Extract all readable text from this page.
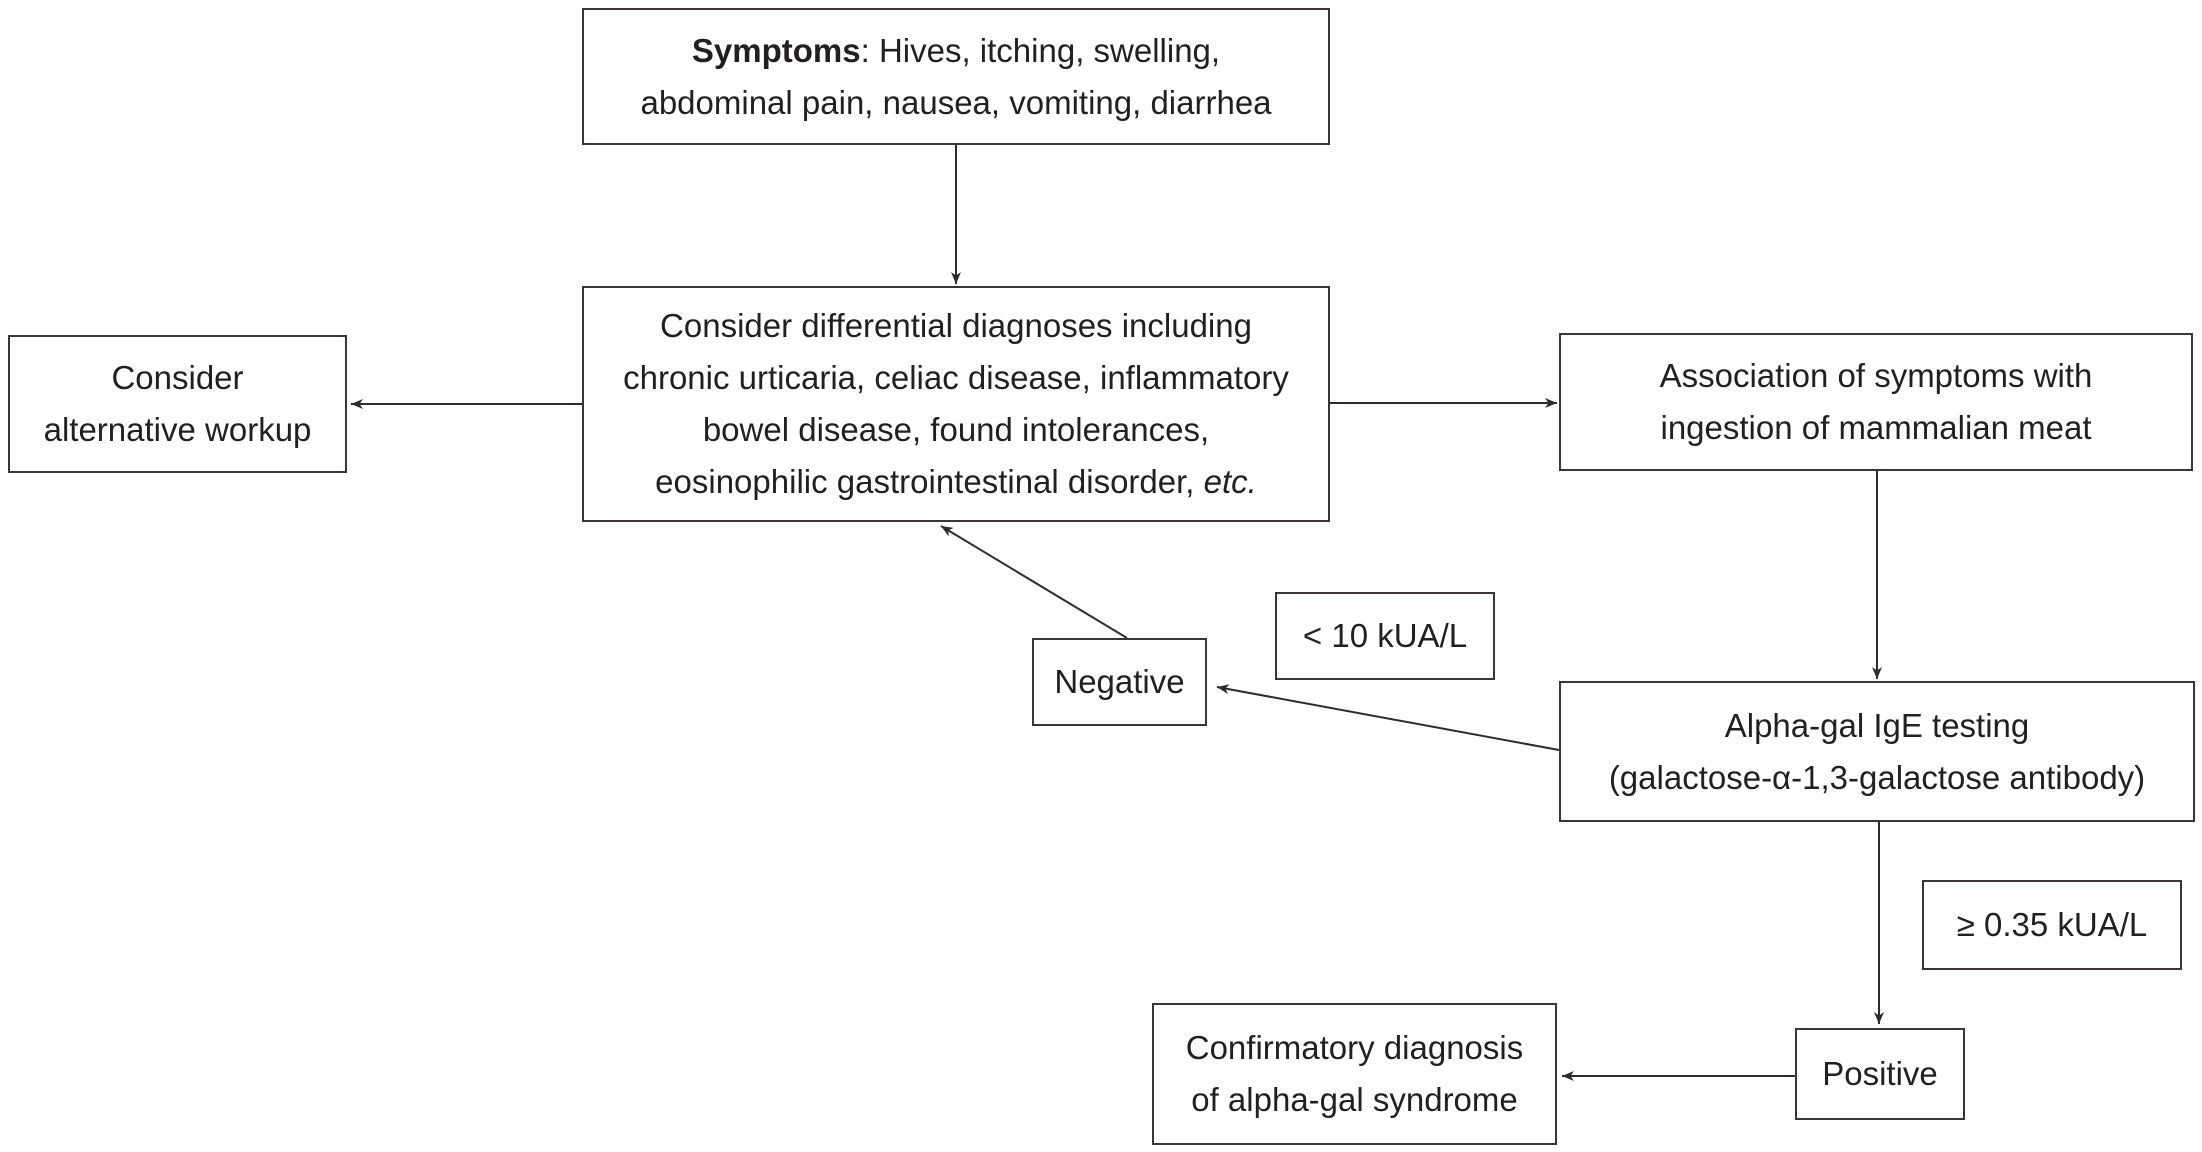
Symptoms: Hives, itching, swelling,
abdominal pain, nausea, vomiting, diarrhea
Consider differential diagnoses including
chronic urticaria, celiac disease, inflammatory
bowel disease, found intolerances,
eosinophilic gastrointestinal disorder, etc.
Consider
alternative workup
Association of symptoms with
ingestion of mammalian meat
Alpha-gal IgE testing
(galactose-α-1,3-galactose antibody)
Negative
< 10 kUA/L
≥ 0.35 kUA/L
Positive
Confirmatory diagnosis
of alpha-gal syndrome
